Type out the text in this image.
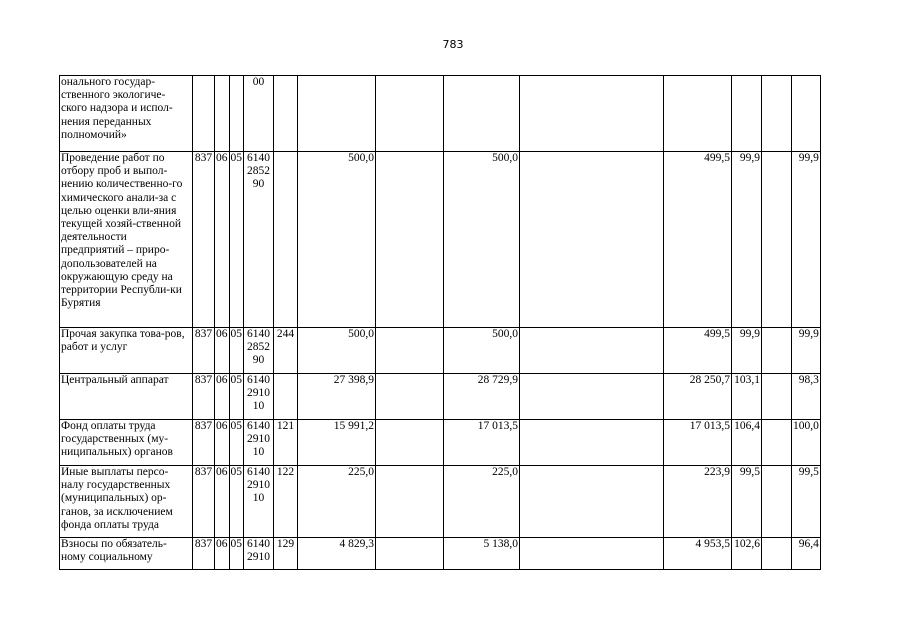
783
онального государ-ственного экологиче-ского надзора и испол-нения переданных полномочий»				00									
Проведение работ по отбору проб и выпол-нению количественно-го химического анали-за с целью оценки вли-яния текущей хозяй-ственной деятельности предприятий – приро-допользователей на окружающую среду на территории Республи-ки Бурятия	837	06	05	6140285290		500,0		500,0		499,5	99,9		99,9
Прочая закупка това-ров, работ и услуг	837	06	05	6140285290	244	500,0		500,0		499,5	99,9		99,9
Центральный аппарат	837	06	05	6140291010		27 398,9		28 729,9		28 250,7	103,1		98,3
Фонд оплаты труда государственных (му-ниципальных) органов	837	06	05	6140291010	121	15 991,2		17 013,5		17 013,5	106,4		100,0
Иные выплаты персо-налу государственных (муниципальных) ор-ганов, за исключением фонда оплаты труда	837	06	05	6140291010	122	225,0		225,0		223,9	99,5		99,5
Взносы по обязатель-ному социальному	837	06	05	61402910	129	4 829,3		5 138,0		4 953,5	102,6		96,4
